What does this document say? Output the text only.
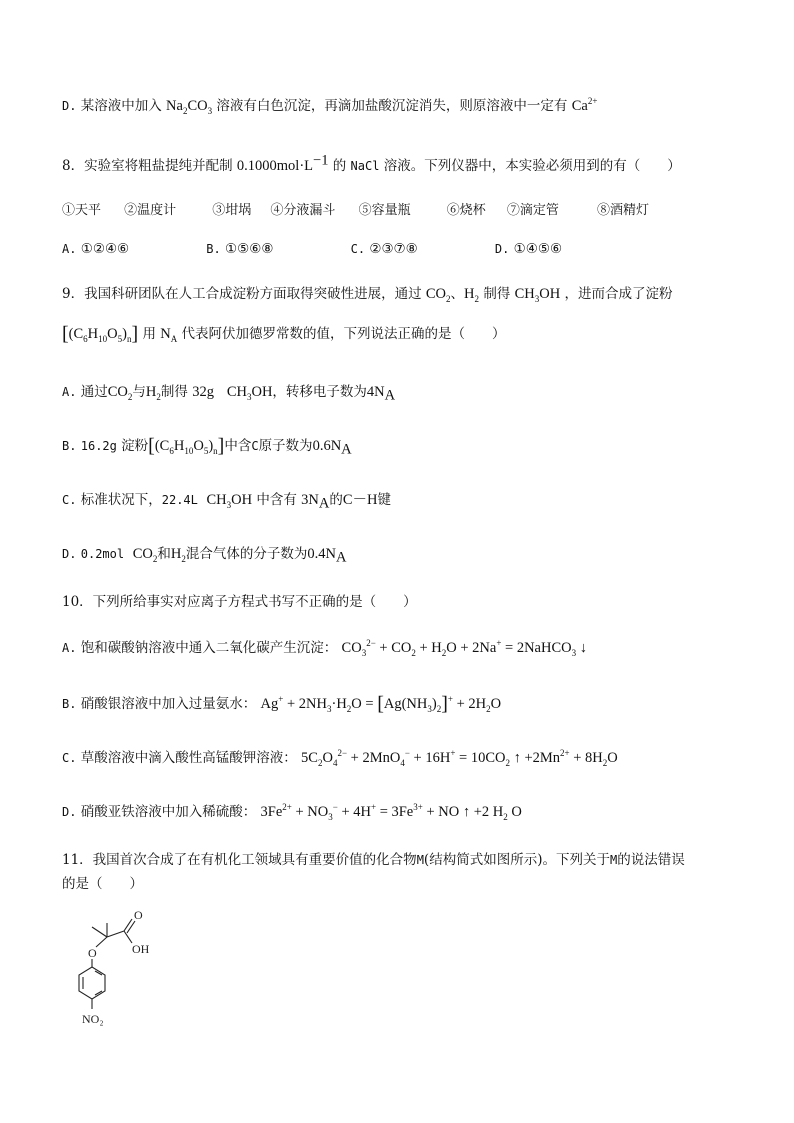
D. 某溶液中加入 $Na_2CO_3$ 溶液有白色沉淀，再滴加盐酸沉淀消失，则原溶液中一定有 $Ca^{2+}$
8．实验室将粗盐提纯并配制 $0.1000mol\cdot L^{-1}$ 的 NaCl 溶液。下列仪器中，本实验必须用到的有（　　）
①天平 ②温度计	③坩埚 ④分液漏斗 ⑤容量瓶	⑥烧杯 ⑦滴定管	⑧酒精灯
A. ①②④⑥	B. ①⑤⑥⑧	C. ②③⑦⑧	D. ①④⑤⑥
9．我国科研团队在人工合成淀粉方面取得突破性进展，通过 $CO_2$、$H_2$ 制得 $CH_3OH$ ，进而合成了淀粉
$[(C_6H_{10}O_5)_n]$ 用 $N_A$ 代表阿伏加德罗常数的值，下列说法正确的是（　　）
A. 通过$CO_2$与$H_2$制得 32g $CH_3OH$，转移电子数为$4N_A$
B. 16.2g 淀粉$[(C_6H_{10}O_5)_n]$中含C原子数为$0.6N_A$
C. 标准状况下，22.4L $CH_3OH$ 中含有 $3N_A$的C－H键
D. 0.2mol $CO_2$和$H_2$混合气体的分子数为$0.4N_A$
10．下列所给事实对应离子方程式书写不正确的是（　　）
A. 饱和碳酸钠溶液中通入二氧化碳产生沉淀： $CO_3^{2-} + CO_2 + H_2O + 2Na^+$ = 2NaHCO$_3$ ↓
B. 硝酸银溶液中加入过量氨水： $Ag^+ + 2NH_3\cdot H_2O = [Ag(NH_3)_2]^+ + 2H_2O$
C. 草酸溶液中滴入酸性高锰酸钾溶液： $5C_2O_4^{2-} + 2MnO_4^- + 16H^+ = 10CO_2$ ↑ $+2Mn^{2+} + 8H_2O$
D. 硝酸亚铁溶液中加入稀硫酸： $3Fe^{2+} + NO_3^- + 4H^+ = 3Fe^{3+}$ + NO ↑ +2 $H_2$ O
11．我国首次合成了在有机化工领域具有重要价值的化合物M(结构简式如图所示)。下列关于M的说法错误
的是（　　）
O
OH
O
NO₂
